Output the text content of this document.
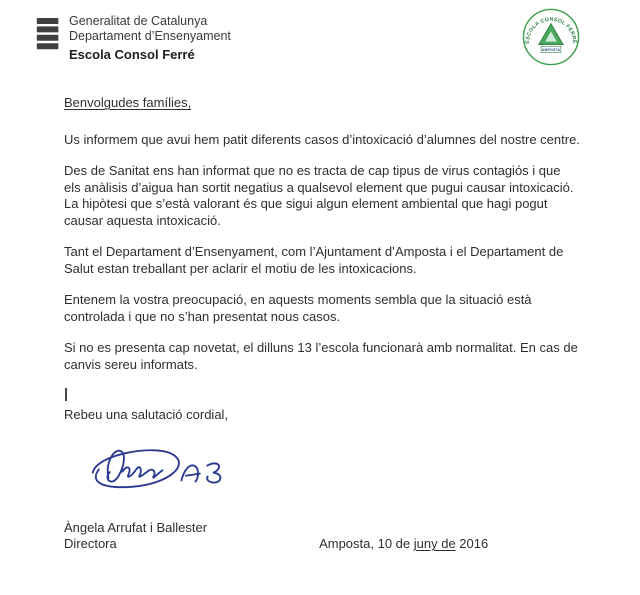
Generalitat de Catalunya
Departament d’Ensenyament
Escola Consol Ferré
ESCOLA CONSOL FERRÉ
AMPOSTA

Benvolgudes famílies,

Us informem que avui hem patit diferents casos d’intoxicació d’alumnes del nostre centre.

Des de Sanitat ens han informat que no es tracta de cap tipus de virus contagiós i que els anàlisis d’aigua han sortit negatius a qualsevol element que pugui causar intoxicació. La hipòtesi que s’està valorant és que sigui algun element ambiental que hagi pogut causar aquesta intoxicació.

Tant el Departament d’Ensenyament, com l’Ajuntament d’Amposta i el Departament de Salut estan treballant per aclarir el motiu de les intoxicacions.

Entenem la vostra preocupació, en aquests moments sembla que la situació està controlada i que no s’han presentat nous casos.

Si no es presenta cap novetat, el dilluns 13 l’escola funcionarà amb normalitat. En cas de canvis sereu informats.

Rebeu una salutació cordial,

Àngela Arrufat i Ballester
Directora	Amposta, 10 de juny de 2016
